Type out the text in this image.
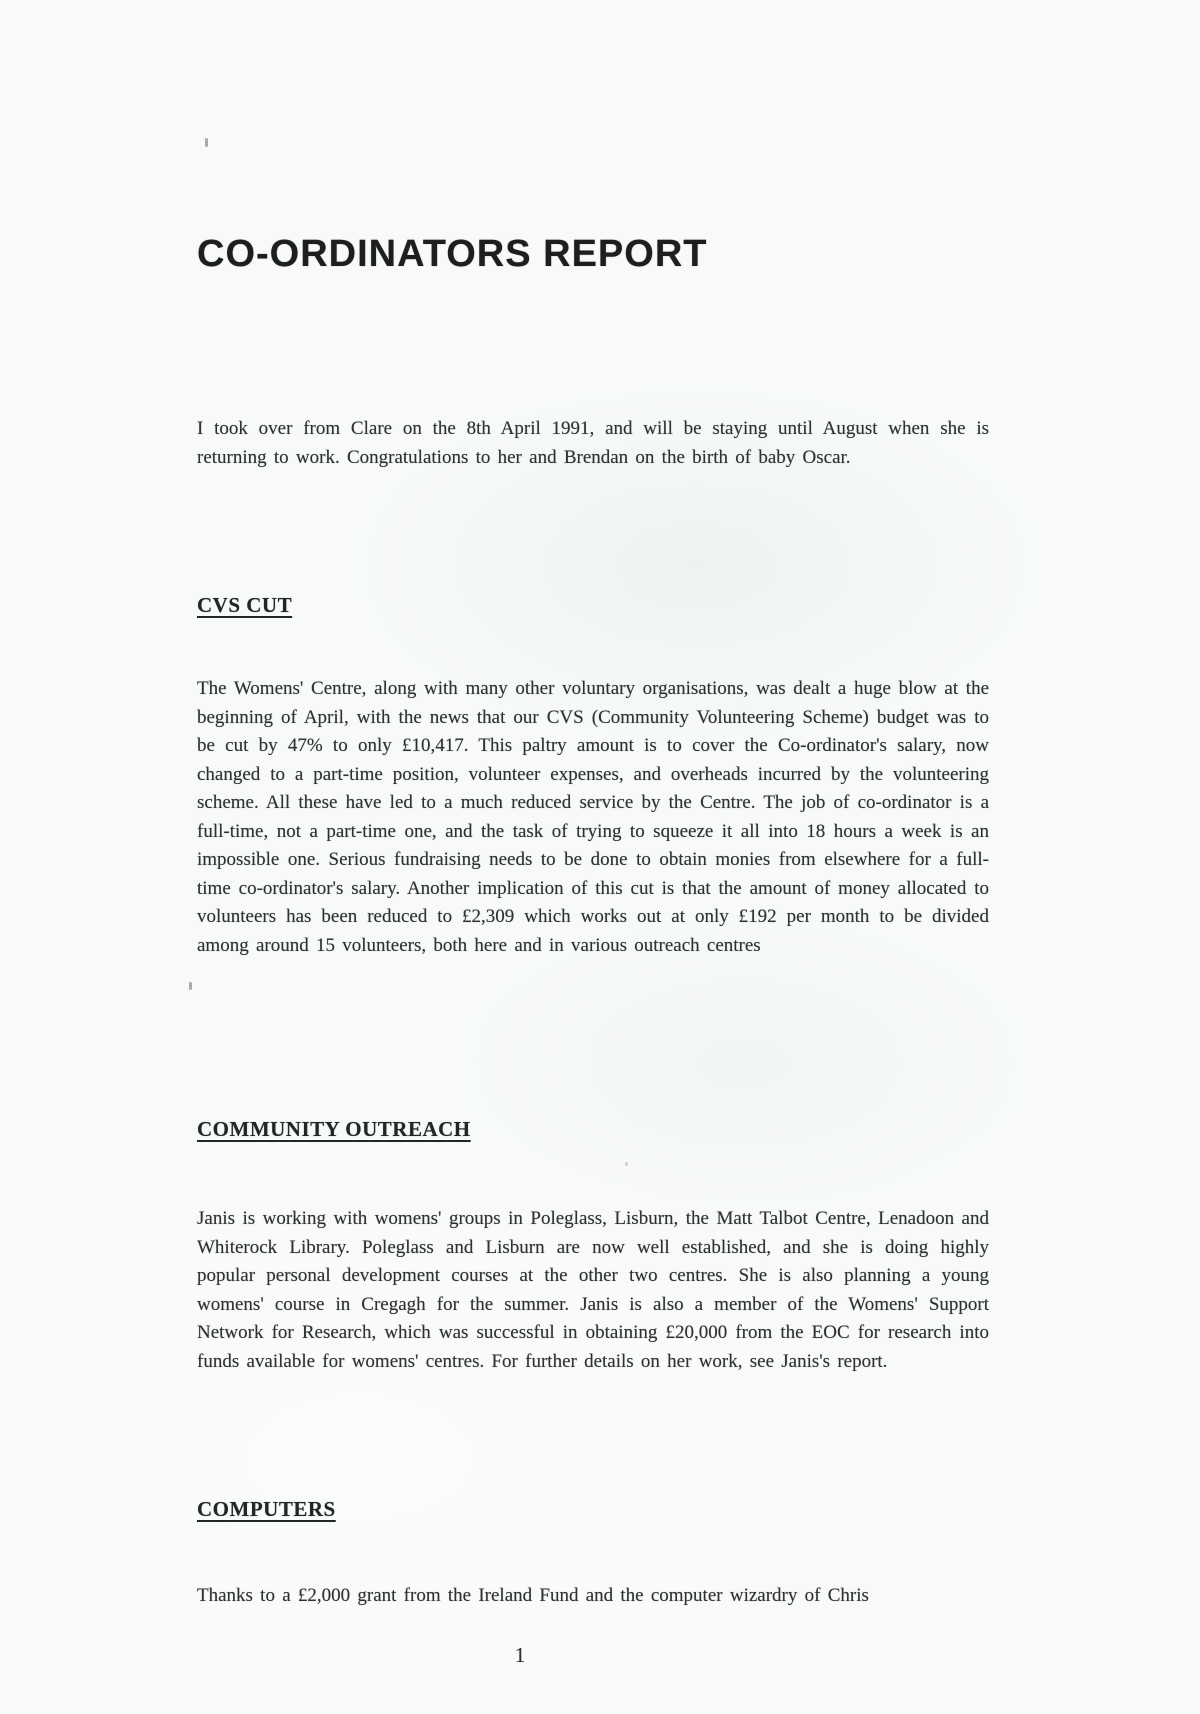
CO-ORDINATORS REPORT

I took over from Clare on the 8th April 1991, and will be staying until August when she is returning to work. Congratulations to her and Brendan on the birth of baby Oscar.

CVS CUT

The Womens' Centre, along with many other voluntary organisations, was dealt a huge blow at the beginning of April, with the news that our CVS (Community Volunteering Scheme) budget was to be cut by 47% to only £10,417. This paltry amount is to cover the Co-ordinator's salary, now changed to a part-time position, volunteer expenses, and overheads incurred by the volunteering scheme. All these have led to a much reduced service by the Centre. The job of co-ordinator is a full-time, not a part-time one, and the task of trying to squeeze it all into 18 hours a week is an impossible one. Serious fundraising needs to be done to obtain monies from elsewhere for a full-time co-ordinator's salary. Another implication of this cut is that the amount of money allocated to volunteers has been reduced to £2,309 which works out at only £192 per month to be divided among around 15 volunteers, both here and in various outreach centres

COMMUNITY OUTREACH

Janis is working with womens' groups in Poleglass, Lisburn, the Matt Talbot Centre, Lenadoon and Whiterock Library. Poleglass and Lisburn are now well established, and she is doing highly popular personal development courses at the other two centres. She is also planning a young womens' course in Cregagh for the summer. Janis is also a member of the Womens' Support Network for Research, which was successful in obtaining £20,000 from the EOC for research into funds available for womens' centres. For further details on her work, see Janis's report.

COMPUTERS

Thanks to a £2,000 grant from the Ireland Fund and the computer wizardry of Chris

1
